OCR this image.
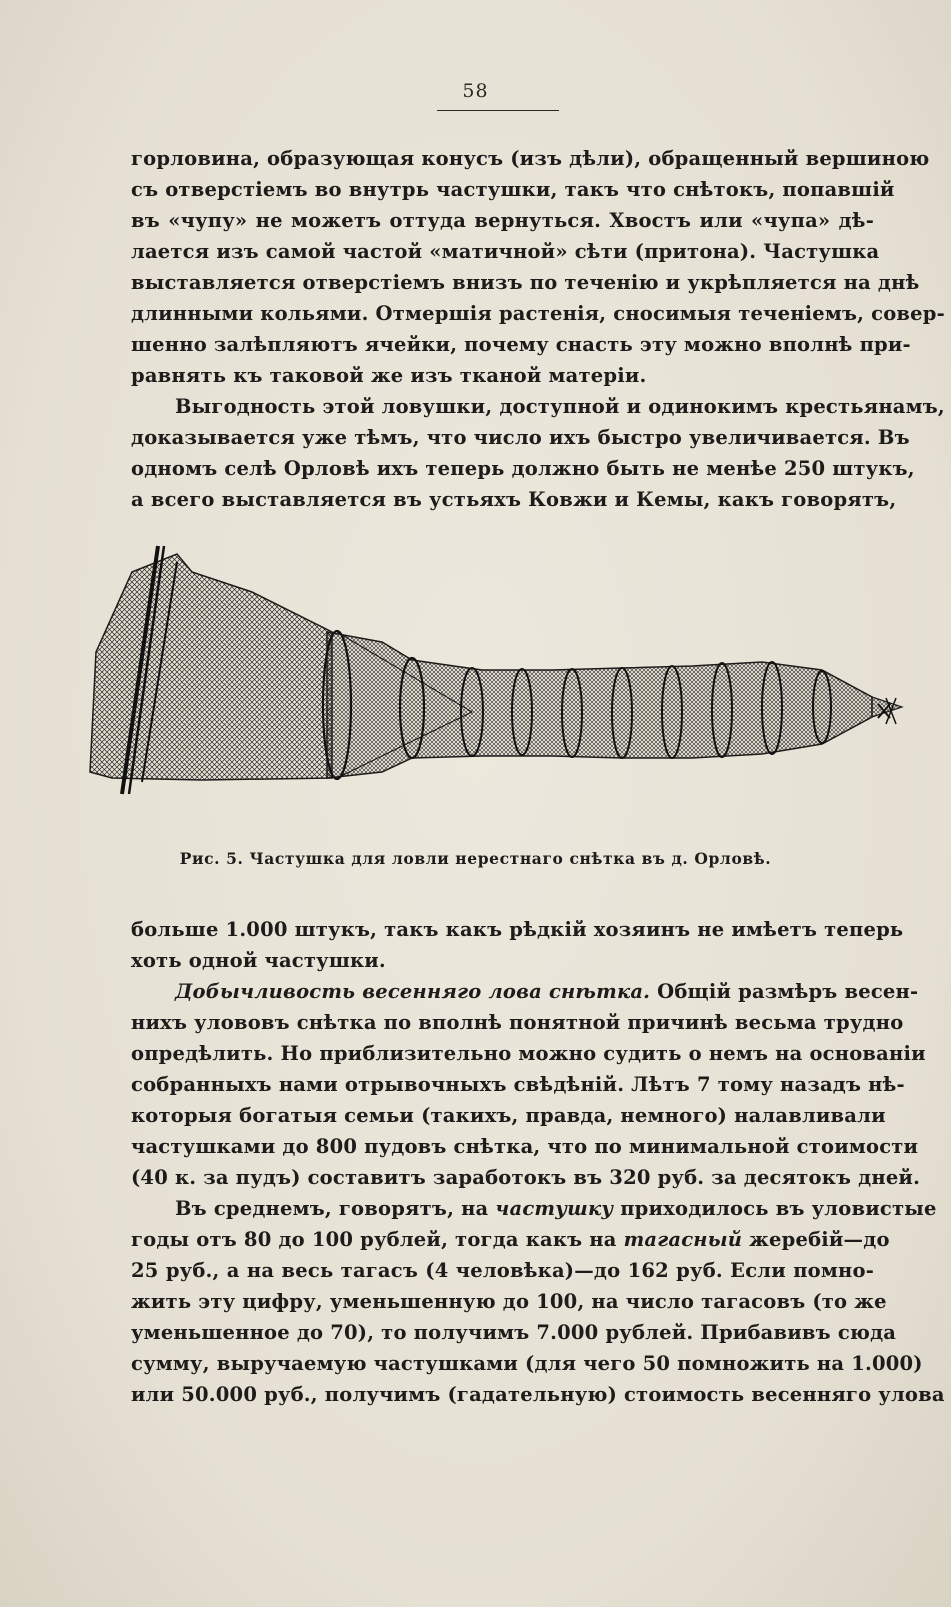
58
горловина, образующая конусъ (изъ дѣли), обращенный вершиною
съ отверстіемъ во внутрь частушки, такъ что снѣтокъ, попавшій
въ «чупу» не можетъ оттуда вернуться. Хвостъ или «чупа» дѣ-
лается изъ самой частой «матичной» сѣти (притона). Частушка
выставляется отверстіемъ внизъ по теченію и укрѣпляется на днѣ
длинными кольями. Отмершія растенія, сносимыя теченіемъ, совер-
шенно залѣпляютъ ячейки, почему снасть эту можно вполнѣ при-
равнять къ таковой же изъ тканой матеріи.
Выгодность этой ловушки, доступной и одинокимъ крестьянамъ,
доказывается уже тѣмъ, что число ихъ быстро увеличивается. Въ
одномъ селѣ Орловѣ ихъ теперь должно быть не менѣе 250 штукъ,
а всего выставляется въ устьяхъ Ковжи и Кемы, какъ говорятъ,
Рис. 5. Частушка для ловли нерестнаго снѣтка въ д. Орловѣ.
больше 1.000 штукъ, такъ какъ рѣдкій хозяинъ не имѣетъ теперь
хоть одной частушки.
Добычливость весенняго лова снѣтка. Общій размѣръ весен-
нихъ улововъ снѣтка по вполнѣ понятной причинѣ весьма трудно
опредѣлить. Но приблизительно можно судить о немъ на основаніи
собранныхъ нами отрывочныхъ свѣдѣній. Лѣтъ 7 тому назадъ нѣ-
которыя богатыя семьи (такихъ, правда, немного) налавливали
частушками до 800 пудовъ снѣтка, что по минимальной стоимости
(40 к. за пудъ) составитъ заработокъ въ 320 руб. за десятокъ дней.
Въ среднемъ, говорятъ, на частушку приходилось въ уловистые
годы отъ 80 до 100 рублей, тогда какъ на тагасный жеребій—до
25 руб., а на весь тагасъ (4 человѣка)—до 162 руб. Если помно-
жить эту цифру, уменьшенную до 100, на число тагасовъ (то же
уменьшенное до 70), то получимъ 7.000 рублей. Прибавивъ сюда
сумму, выручаемую частушками (для чего 50 помножить на 1.000)
или 50.000 руб., получимъ (гадательную) стоимость весенняго улова
